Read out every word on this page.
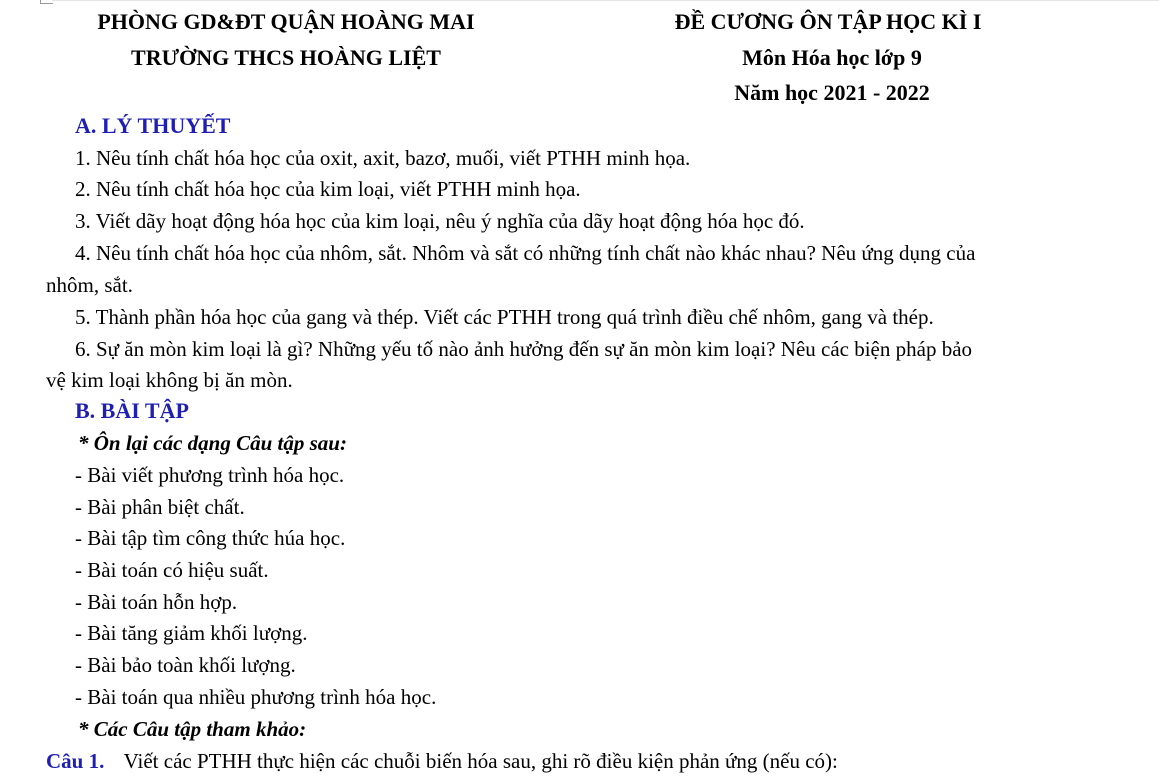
PHÒNG GD&ĐT QUẬN HOÀNG MAI
TRƯỜNG THCS HOÀNG LIỆT
ĐỀ CƯƠNG ÔN TẬP HỌC KÌ I
Môn Hóa học lớp 9
Năm học 2021 - 2022
A. LÝ THUYẾT
1. Nêu tính chất hóa học của oxit, axit, bazơ, muối, viết PTHH minh họa.
2. Nêu tính chất hóa học của kim loại, viết PTHH minh họa.
3. Viết dãy hoạt động hóa học của kim loại, nêu ý nghĩa của dãy hoạt động hóa học đó.
4. Nêu tính chất hóa học của nhôm, sắt. Nhôm và sắt có những tính chất nào khác nhau? Nêu ứng dụng của
nhôm, sắt.
5. Thành phần hóa học của gang và thép. Viết các PTHH trong quá trình điều chế nhôm, gang và thép.
6. Sự ăn mòn kim loại là gì? Những yếu tố nào ảnh hưởng đến sự ăn mòn kim loại? Nêu các biện pháp bảo
vệ kim loại không bị ăn mòn.
B. BÀI TẬP
* Ôn lại các dạng Câu tập sau:
- Bài viết phương trình hóa học.
- Bài phân biệt chất.
- Bài tập tìm công thức húa học.
- Bài toán có hiệu suất.
- Bài toán hỗn hợp.
- Bài tăng giảm khối lượng.
- Bài bảo toàn khối lượng.
- Bài toán qua nhiều phương trình hóa học.
* Các Câu tập tham khảo:
Câu 1. Viết các PTHH thực hiện các chuỗi biến hóa sau, ghi rõ điều kiện phản ứng (nếu có):
